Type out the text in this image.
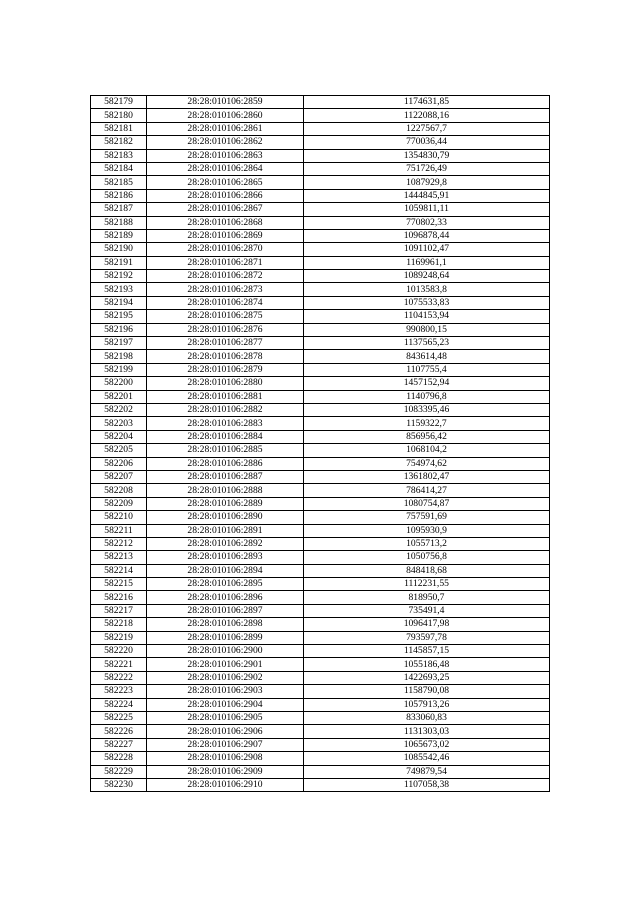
582179	28:28:010106:2859	1174631,85
582180	28:28:010106:2860	1122088,16
582181	28:28:010106:2861	1227567,7
582182	28:28:010106:2862	770036,44
582183	28:28:010106:2863	1354830,79
582184	28:28:010106:2864	751726,49
582185	28:28:010106:2865	1087929,8
582186	28:28:010106:2866	1444845,91
582187	28:28:010106:2867	1059811,11
582188	28:28:010106:2868	770802,33
582189	28:28:010106:2869	1096878,44
582190	28:28:010106:2870	1091102,47
582191	28:28:010106:2871	1169961,1
582192	28:28:010106:2872	1089248,64
582193	28:28:010106:2873	1013583,8
582194	28:28:010106:2874	1075533,83
582195	28:28:010106:2875	1104153,94
582196	28:28:010106:2876	990800,15
582197	28:28:010106:2877	1137565,23
582198	28:28:010106:2878	843614,48
582199	28:28:010106:2879	1107755,4
582200	28:28:010106:2880	1457152,94
582201	28:28:010106:2881	1140796,8
582202	28:28:010106:2882	1083395,46
582203	28:28:010106:2883	1159322,7
582204	28:28:010106:2884	856956,42
582205	28:28:010106:2885	1068104,2
582206	28:28:010106:2886	754974,62
582207	28:28:010106:2887	1361802,47
582208	28:28:010106:2888	786414,27
582209	28:28:010106:2889	1080754,87
582210	28:28:010106:2890	757591,69
582211	28:28:010106:2891	1095930,9
582212	28:28:010106:2892	1055713,2
582213	28:28:010106:2893	1050756,8
582214	28:28:010106:2894	848418,68
582215	28:28:010106:2895	1112231,55
582216	28:28:010106:2896	818950,7
582217	28:28:010106:2897	735491,4
582218	28:28:010106:2898	1096417,98
582219	28:28:010106:2899	793597,78
582220	28:28:010106:2900	1145857,15
582221	28:28:010106:2901	1055186,48
582222	28:28:010106:2902	1422693,25
582223	28:28:010106:2903	1158790,08
582224	28:28:010106:2904	1057913,26
582225	28:28:010106:2905	833060,83
582226	28:28:010106:2906	1131303,03
582227	28:28:010106:2907	1065673,02
582228	28:28:010106:2908	1085542,46
582229	28:28:010106:2909	749879,54
582230	28:28:010106:2910	1107058,38
